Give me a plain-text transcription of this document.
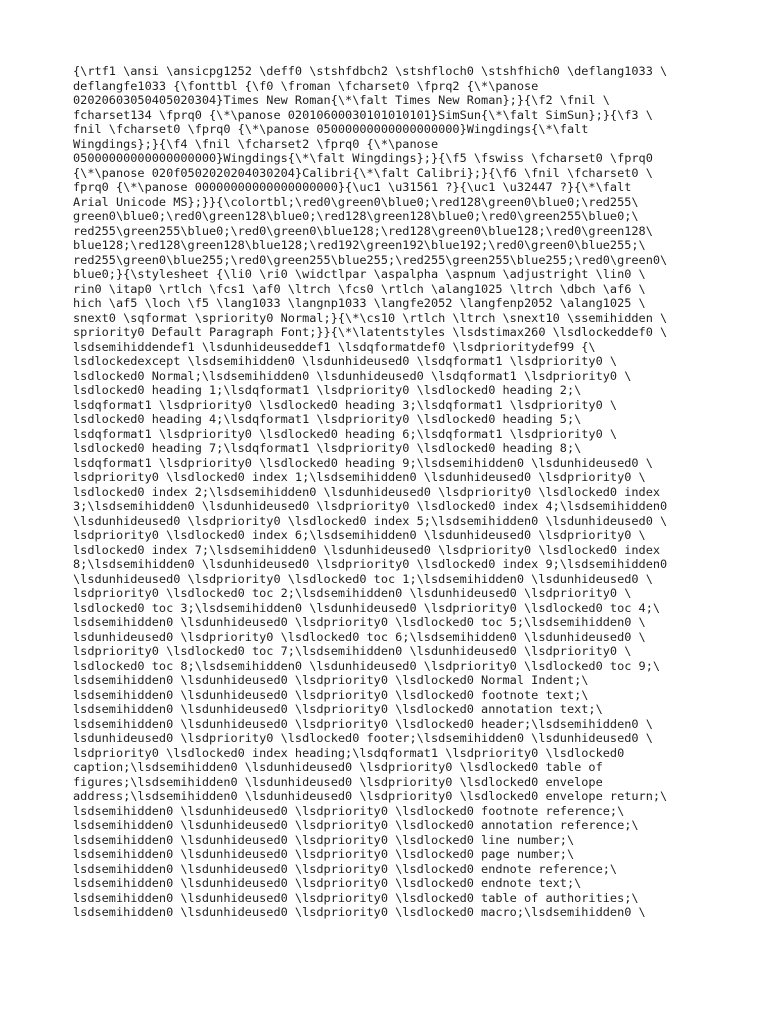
{\rtf1 \ansi \ansicpg1252 \deff0 \stshfdbch2 \stshfloch0 \stshfhich0 \deflang1033 \
deflangfe1033 {\fonttbl {\f0 \froman \fcharset0 \fprq2 {\*\panose
02020603050405020304}Times New Roman{\*\falt Times New Roman};}{\f2 \fnil \
fcharset134 \fprq0 {\*\panose 02010600030101010101}SimSun{\*\falt SimSun};}{\f3 \
fnil \fcharset0 \fprq0 {\*\panose 05000000000000000000}Wingdings{\*\falt
Wingdings};}{\f4 \fnil \fcharset2 \fprq0 {\*\panose
05000000000000000000}Wingdings{\*\falt Wingdings};}{\f5 \fswiss \fcharset0 \fprq0
{\*\panose 020f0502020204030204}Calibri{\*\falt Calibri};}{\f6 \fnil \fcharset0 \
fprq0 {\*\panose 00000000000000000000}{\uc1 \u31561 ?}{\uc1 \u32447 ?}{\*\falt
Arial Unicode MS};}}{\colortbl;\red0\green0\blue0;\red128\green0\blue0;\red255\
green0\blue0;\red0\green128\blue0;\red128\green128\blue0;\red0\green255\blue0;\
red255\green255\blue0;\red0\green0\blue128;\red128\green0\blue128;\red0\green128\
blue128;\red128\green128\blue128;\red192\green192\blue192;\red0\green0\blue255;\
red255\green0\blue255;\red0\green255\blue255;\red255\green255\blue255;\red0\green0\
blue0;}{\stylesheet {\li0 \ri0 \widctlpar \aspalpha \aspnum \adjustright \lin0 \
rin0 \itap0 \rtlch \fcs1 \af0 \ltrch \fcs0 \rtlch \alang1025 \ltrch \dbch \af6 \
hich \af5 \loch \f5 \lang1033 \langnp1033 \langfe2052 \langfenp2052 \alang1025 \
snext0 \sqformat \spriority0 Normal;}{\*\cs10 \rtlch \ltrch \snext10 \ssemihidden \
spriority0 Default Paragraph Font;}}{\*\latentstyles \lsdstimax260 \lsdlockeddef0 \
lsdsemihiddendef1 \lsdunhideuseddef1 \lsdqformatdef0 \lsdprioritydef99 {\
lsdlockedexcept \lsdsemihidden0 \lsdunhideused0 \lsdqformat1 \lsdpriority0 \
lsdlocked0 Normal;\lsdsemihidden0 \lsdunhideused0 \lsdqformat1 \lsdpriority0 \
lsdlocked0 heading 1;\lsdqformat1 \lsdpriority0 \lsdlocked0 heading 2;\
lsdqformat1 \lsdpriority0 \lsdlocked0 heading 3;\lsdqformat1 \lsdpriority0 \
lsdlocked0 heading 4;\lsdqformat1 \lsdpriority0 \lsdlocked0 heading 5;\
lsdqformat1 \lsdpriority0 \lsdlocked0 heading 6;\lsdqformat1 \lsdpriority0 \
lsdlocked0 heading 7;\lsdqformat1 \lsdpriority0 \lsdlocked0 heading 8;\
lsdqformat1 \lsdpriority0 \lsdlocked0 heading 9;\lsdsemihidden0 \lsdunhideused0 \
lsdpriority0 \lsdlocked0 index 1;\lsdsemihidden0 \lsdunhideused0 \lsdpriority0 \
lsdlocked0 index 2;\lsdsemihidden0 \lsdunhideused0 \lsdpriority0 \lsdlocked0 index
3;\lsdsemihidden0 \lsdunhideused0 \lsdpriority0 \lsdlocked0 index 4;\lsdsemihidden0
\lsdunhideused0 \lsdpriority0 \lsdlocked0 index 5;\lsdsemihidden0 \lsdunhideused0 \
lsdpriority0 \lsdlocked0 index 6;\lsdsemihidden0 \lsdunhideused0 \lsdpriority0 \
lsdlocked0 index 7;\lsdsemihidden0 \lsdunhideused0 \lsdpriority0 \lsdlocked0 index
8;\lsdsemihidden0 \lsdunhideused0 \lsdpriority0 \lsdlocked0 index 9;\lsdsemihidden0
\lsdunhideused0 \lsdpriority0 \lsdlocked0 toc 1;\lsdsemihidden0 \lsdunhideused0 \
lsdpriority0 \lsdlocked0 toc 2;\lsdsemihidden0 \lsdunhideused0 \lsdpriority0 \
lsdlocked0 toc 3;\lsdsemihidden0 \lsdunhideused0 \lsdpriority0 \lsdlocked0 toc 4;\
lsdsemihidden0 \lsdunhideused0 \lsdpriority0 \lsdlocked0 toc 5;\lsdsemihidden0 \
lsdunhideused0 \lsdpriority0 \lsdlocked0 toc 6;\lsdsemihidden0 \lsdunhideused0 \
lsdpriority0 \lsdlocked0 toc 7;\lsdsemihidden0 \lsdunhideused0 \lsdpriority0 \
lsdlocked0 toc 8;\lsdsemihidden0 \lsdunhideused0 \lsdpriority0 \lsdlocked0 toc 9;\
lsdsemihidden0 \lsdunhideused0 \lsdpriority0 \lsdlocked0 Normal Indent;\
lsdsemihidden0 \lsdunhideused0 \lsdpriority0 \lsdlocked0 footnote text;\
lsdsemihidden0 \lsdunhideused0 \lsdpriority0 \lsdlocked0 annotation text;\
lsdsemihidden0 \lsdunhideused0 \lsdpriority0 \lsdlocked0 header;\lsdsemihidden0 \
lsdunhideused0 \lsdpriority0 \lsdlocked0 footer;\lsdsemihidden0 \lsdunhideused0 \
lsdpriority0 \lsdlocked0 index heading;\lsdqformat1 \lsdpriority0 \lsdlocked0
caption;\lsdsemihidden0 \lsdunhideused0 \lsdpriority0 \lsdlocked0 table of
figures;\lsdsemihidden0 \lsdunhideused0 \lsdpriority0 \lsdlocked0 envelope
address;\lsdsemihidden0 \lsdunhideused0 \lsdpriority0 \lsdlocked0 envelope return;\
lsdsemihidden0 \lsdunhideused0 \lsdpriority0 \lsdlocked0 footnote reference;\
lsdsemihidden0 \lsdunhideused0 \lsdpriority0 \lsdlocked0 annotation reference;\
lsdsemihidden0 \lsdunhideused0 \lsdpriority0 \lsdlocked0 line number;\
lsdsemihidden0 \lsdunhideused0 \lsdpriority0 \lsdlocked0 page number;\
lsdsemihidden0 \lsdunhideused0 \lsdpriority0 \lsdlocked0 endnote reference;\
lsdsemihidden0 \lsdunhideused0 \lsdpriority0 \lsdlocked0 endnote text;\
lsdsemihidden0 \lsdunhideused0 \lsdpriority0 \lsdlocked0 table of authorities;\
lsdsemihidden0 \lsdunhideused0 \lsdpriority0 \lsdlocked0 macro;\lsdsemihidden0 \
